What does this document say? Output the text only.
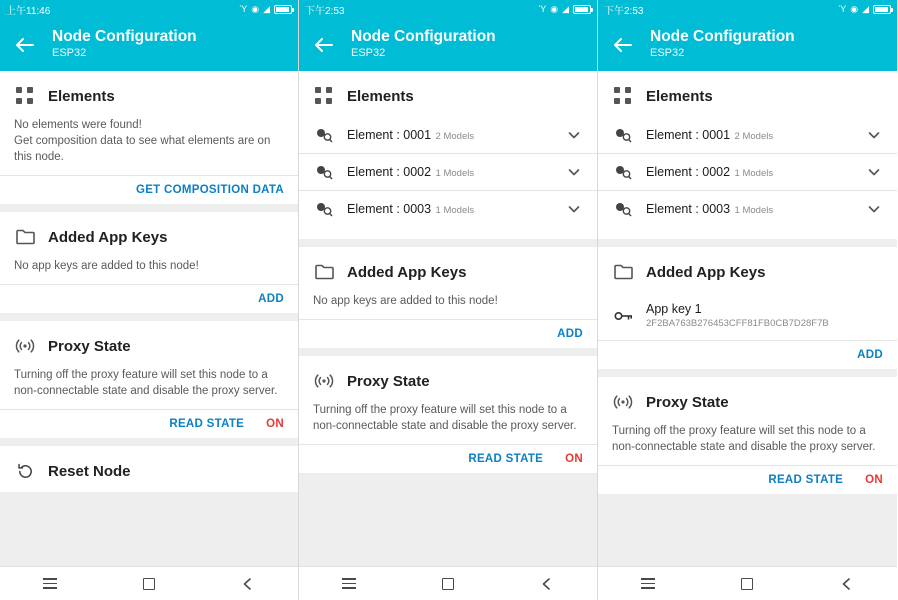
上午11:46	Ύ ◉ ◢
Node Configuration
ESP32
Elements
No elements were found!
Get composition data to see what elements are on this node.
GET COMPOSITION DATA
Added App Keys
No app keys are added to this node!
ADD
Proxy State
Turning off the proxy feature will set this node to a non-connectable state and disable the proxy server.
READ STATE ON
Reset Node
下午2:53	Ύ ◉ ◢
Node Configuration
ESP32
Elements
Element : 0001 2 Models
Element : 0002 1 Models
Element : 0003 1 Models
Added App Keys
No app keys are added to this node!
ADD
Proxy State
Turning off the proxy feature will set this node to a non-connectable state and disable the proxy server.
READ STATE ON
下午2:53	Ύ ◉ ◢
Node Configuration
ESP32
Elements
Element : 0001 2 Models
Element : 0002 1 Models
Element : 0003 1 Models
Added App Keys
App key 1
2F2BA763B276453CFF81FB0CB7D28F7B
ADD
Proxy State
Turning off the proxy feature will set this node to a non-connectable state and disable the proxy server.
READ STATE ON
